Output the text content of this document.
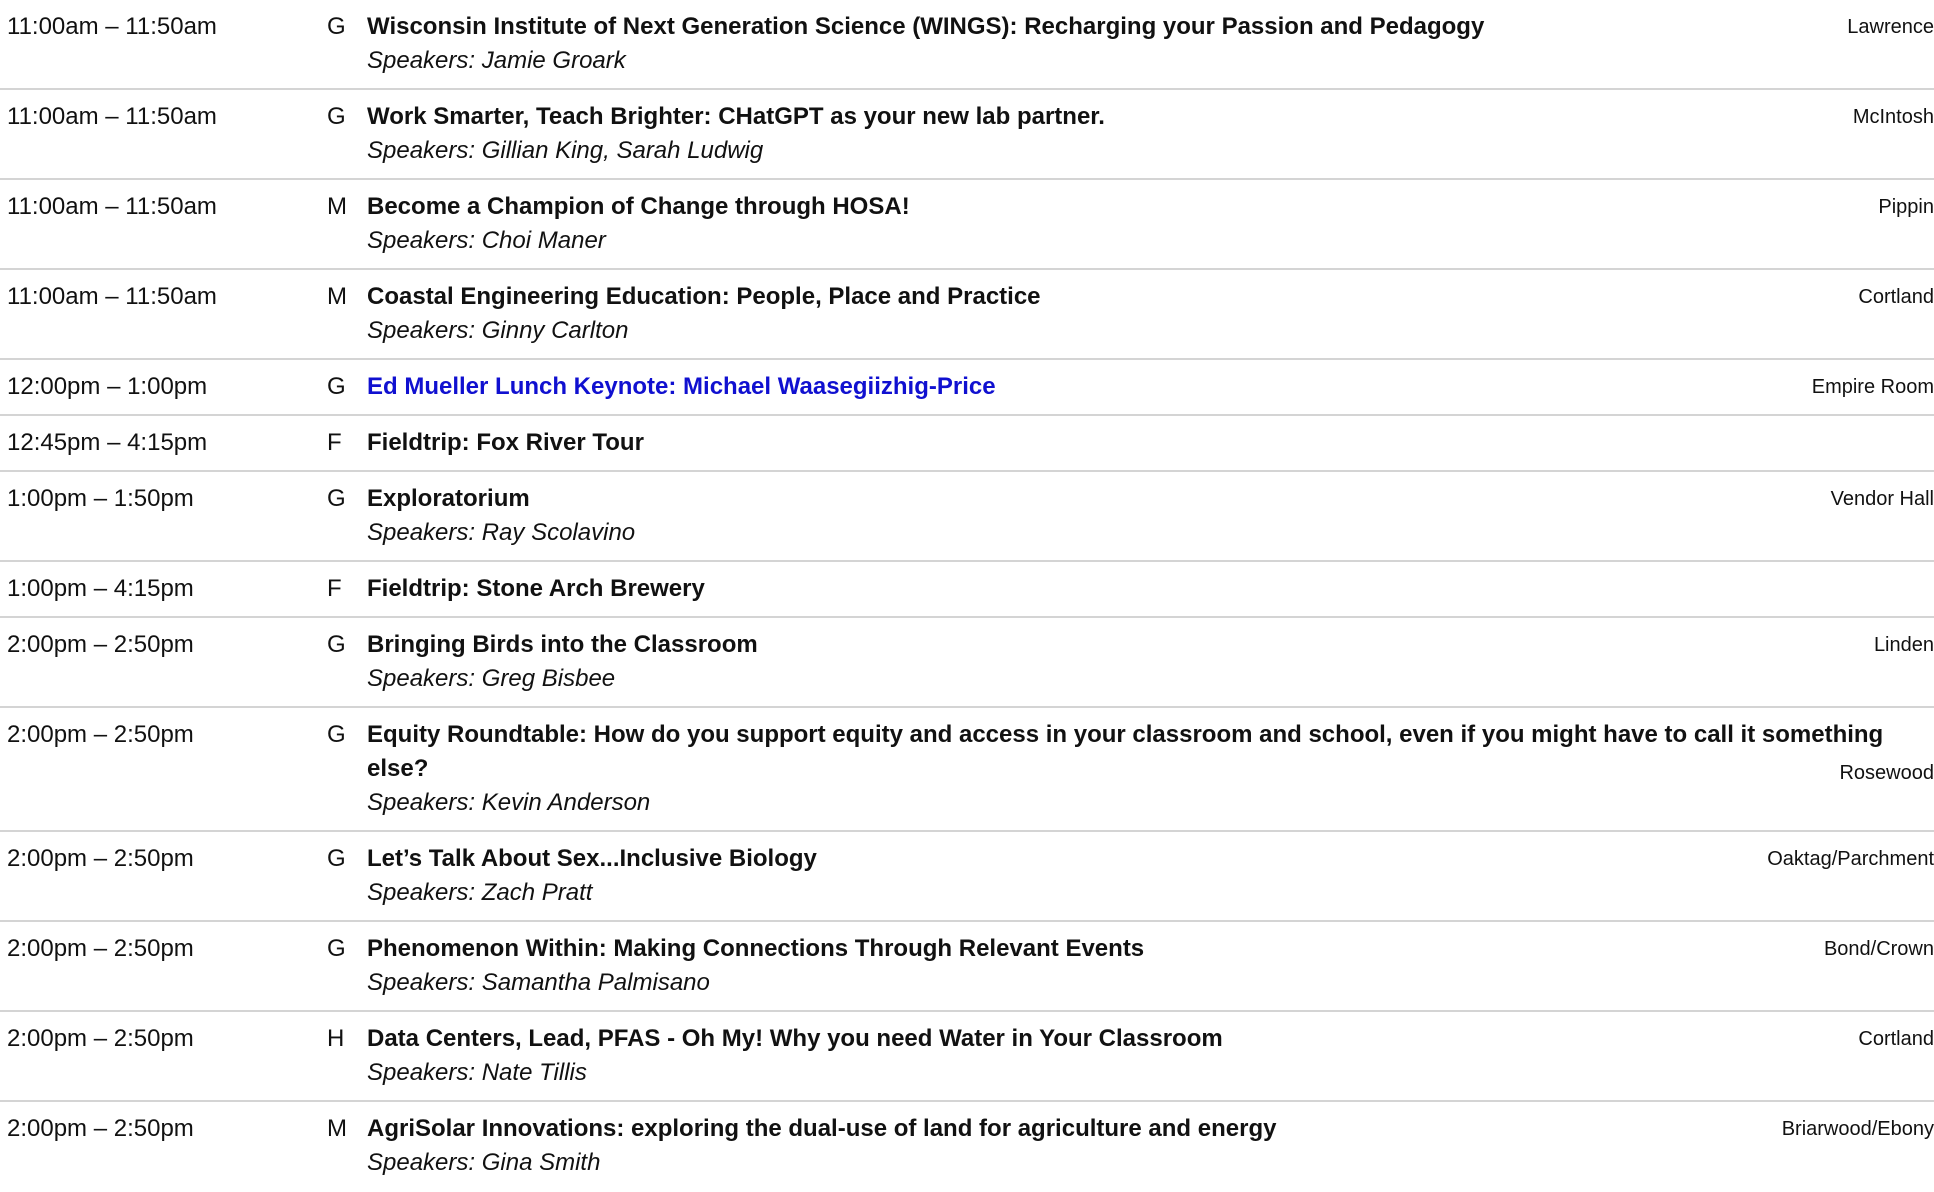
11:00am – 11:50am	G Wisconsin Institute of Next Generation Science (WINGS): Recharging your Passion and Pedagogy
Speakers: Jamie Groark
Lawrence
11:00am – 11:50am	G Work Smarter, Teach Brighter: CHatGPT as your new lab partner.
Speakers: Gillian King, Sarah Ludwig
McIntosh
11:00am – 11:50am	M Become a Champion of Change through HOSA!
Speakers: Choi Maner
Pippin
11:00am – 11:50am	M Coastal Engineering Education: People, Place and Practice
Speakers: Ginny Carlton
Cortland
12:00pm – 1:00pm	G Ed Mueller Lunch Keynote: Michael Waasegiizhig-Price	Empire Room
12:45pm – 4:15pm	F Fieldtrip: Fox River Tour
1:00pm – 1:50pm	G Exploratorium
Speakers: Ray Scolavino
Vendor Hall
1:00pm – 4:15pm	F Fieldtrip: Stone Arch Brewery
2:00pm – 2:50pm	G Bringing Birds into the Classroom
Speakers: Greg Bisbee
Linden
2:00pm – 2:50pm	G Equity Roundtable: How do you support equity and access in your classroom and school, even if you might have to call it something else?
Speakers: Kevin Anderson
Rosewood
2:00pm – 2:50pm	G Let’s Talk About Sex...Inclusive Biology
Speakers: Zach Pratt
Oaktag/Parchment
2:00pm – 2:50pm	G Phenomenon Within: Making Connections Through Relevant Events
Speakers: Samantha Palmisano
Bond/Crown
2:00pm – 2:50pm	H Data Centers, Lead, PFAS - Oh My! Why you need Water in Your Classroom
Speakers: Nate Tillis
Cortland
2:00pm – 2:50pm	M AgriSolar Innovations: exploring the dual-use of land for agriculture and energy
Speakers: Gina Smith
Briarwood/Ebony
